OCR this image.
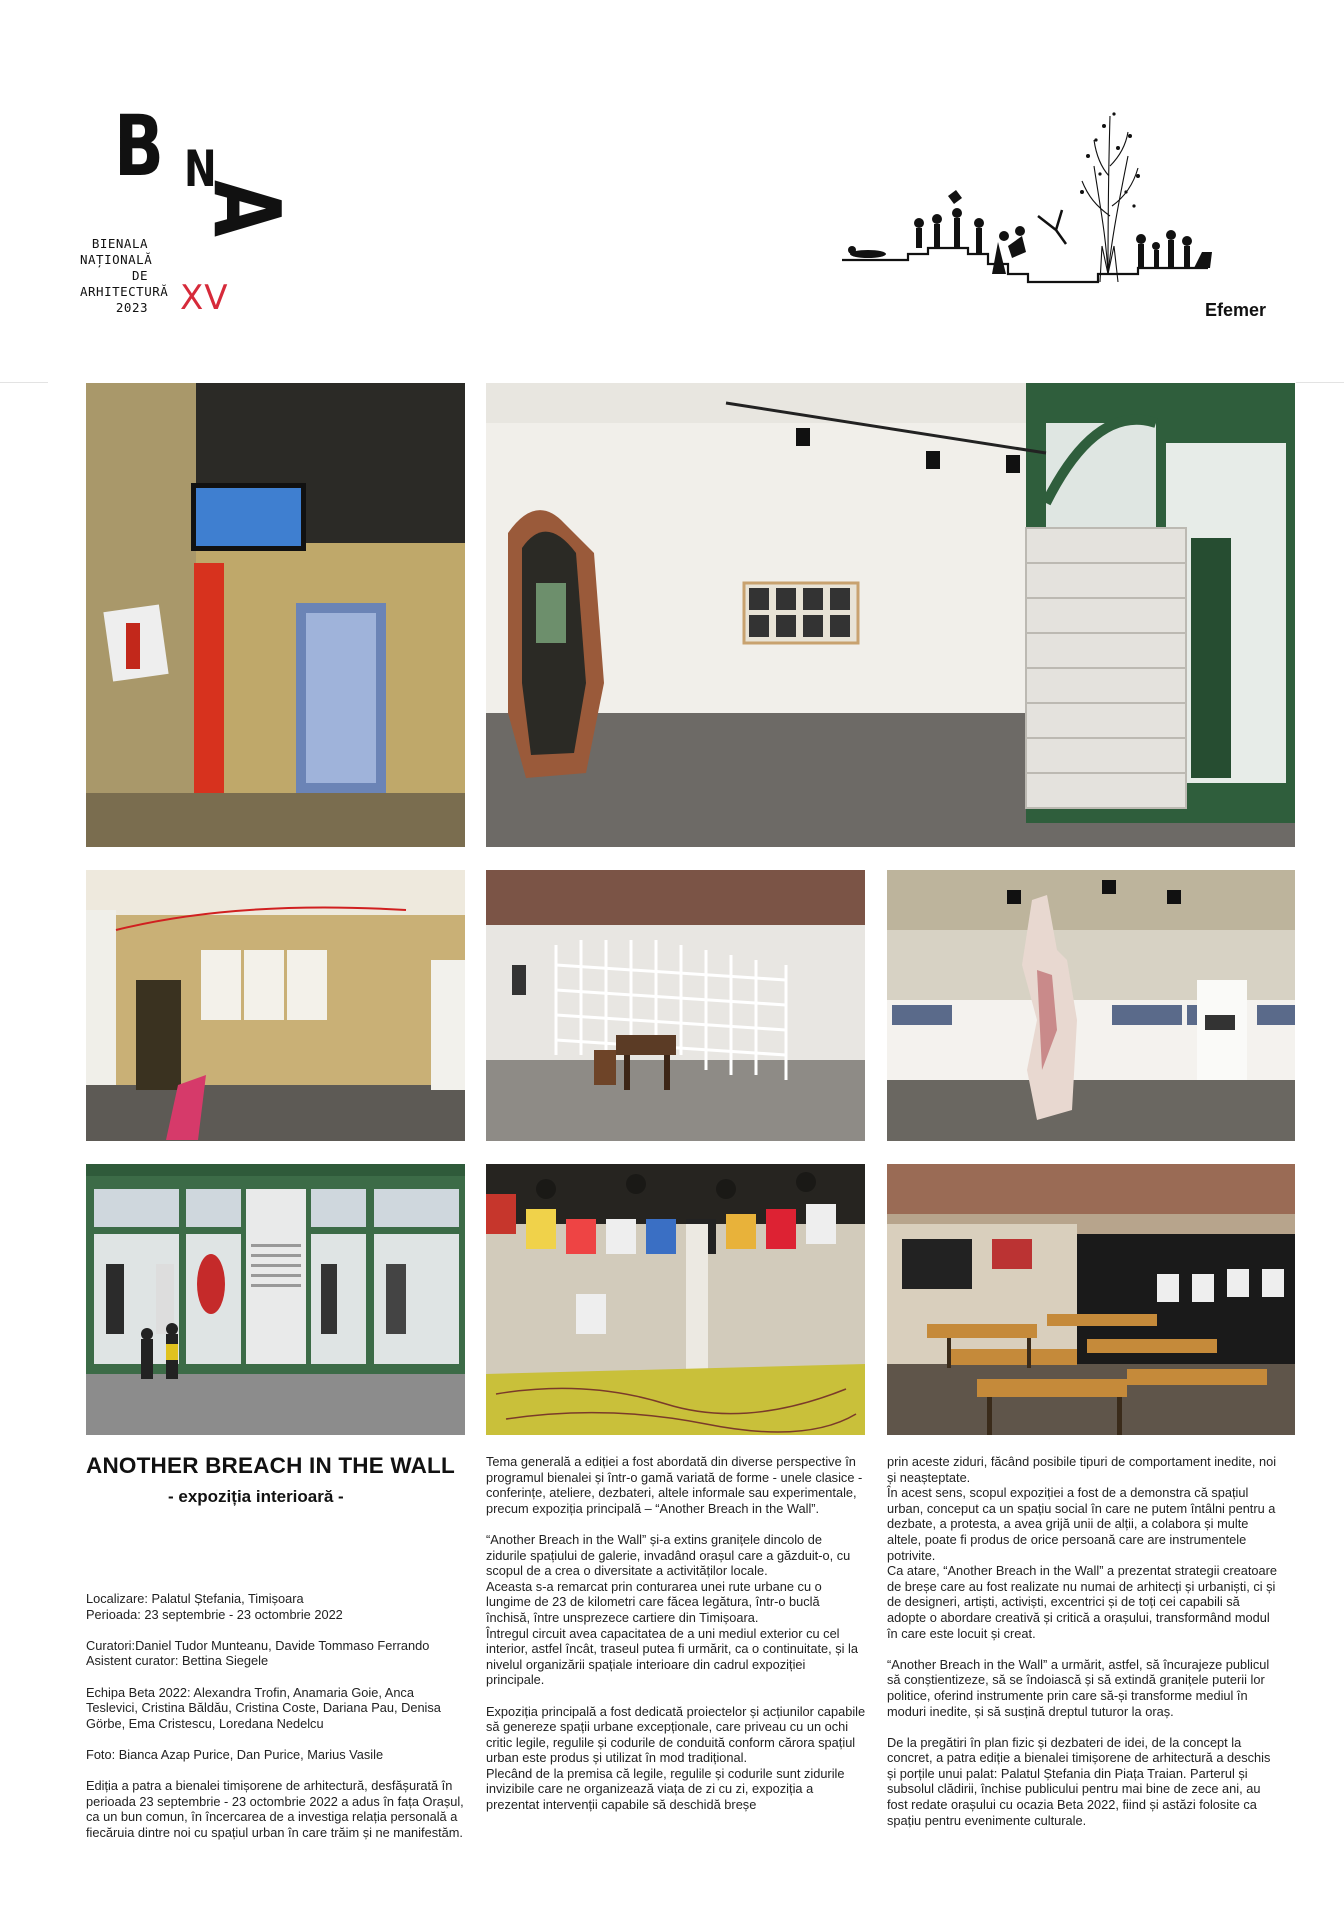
B N
A
BIENALA
NAȚIONALĂ
DE
ARHITECTURĂ
2023 XV	Efemer
ANOTHER BREACH IN THE WALL
- expoziția interioară -

Localizare: Palatul Ștefania, Timișoara

Perioada: 23 septembrie - 23 octombrie 2022

Curatori:Daniel Tudor Munteanu, Davide Tommaso Ferrando

Asistent curator: Bettina Siegele

Echipa Beta 2022: Alexandra Trofin, Anamaria Goie, Anca Teslevici, Cristina Băldău, Cristina Coste, Dariana Pau, Denisa Görbe, Ema Cristescu, Loredana Nedelcu

Foto: Bianca Azap Purice, Dan Purice, Marius Vasile

Ediția a patra a bienalei timișorene de arhitectură, desfășurată în perioada 23 septembrie - 23 octombrie 2022 a adus în fața Orașul, ca un bun comun, în încercarea de a investiga relația personală a fiecăruia dintre noi cu spațiul urban în care trăim și ne manifestăm.

Tema generală a ediției a fost abordată din diverse perspective în programul bienalei și într-o gamă variată de forme - unele clasice - conferințe, ateliere, dezbateri, altele informale sau experimentale, precum expoziția principală – “Another Breach in the Wall”.

“Another Breach in the Wall” și-a extins granițele dincolo de zidurile spațiului de galerie, invadând orașul care a găzduit-o, cu scopul de a crea o diversitate a activităților locale.

Aceasta s-a remarcat prin conturarea unei rute urbane cu o lungime de 23 de kilometri care făcea legătura, într-o buclă închisă, între unsprezece cartiere din Timișoara.

Întregul circuit avea capacitatea de a uni mediul exterior cu cel interior, astfel încât, traseul putea fi urmărit, ca o continuitate, și la nivelul organizării spațiale interioare din cadrul expoziției principale.

Expoziția principală a fost dedicată proiectelor și acțiunilor capabile să genereze spații urbane excepționale, care priveau cu un ochi critic legile, regulile și codurile de conduită conform cărora spațiul urban este produs și utilizat în mod tradițional.

Plecând de la premisa că legile, regulile și codurile sunt zidurile invizibile care ne organizează viața de zi cu zi, expoziția a prezentat intervenții capabile să deschidă breșe

prin aceste ziduri, făcând posibile tipuri de comportament inedite, noi și neașteptate.

În acest sens, scopul expoziției a fost de a demonstra că spațiul urban, conceput ca un spațiu social în care ne putem întâlni pentru a dezbate, a protesta, a avea grijă unii de alții, a colabora și multe altele, poate fi produs de orice persoană care are instrumentele potrivite.

Ca atare, “Another Breach in the Wall” a prezentat strategii creatoare de breșe care au fost realizate nu numai de arhitecți și urbaniști, ci și de designeri, artiști, activiști, excentrici și de toți cei capabili să adopte o abordare creativă și critică a orașului, transformând modul în care este locuit și creat.

“Another Breach in the Wall” a urmărit, astfel, să încurajeze publicul să conștientizeze, să se îndoiască și să extindă granițele puterii lor politice, oferind instrumente prin care să-și transforme mediul în moduri inedite, și să susțină dreptul tuturor la oraș.

De la pregătiri în plan fizic și dezbateri de idei, de la concept la concret, a patra ediție a bienalei timișorene de arhitectură a deschis și porțile unui palat: Palatul Ștefania din Piața Traian. Parterul și subsolul clădirii, închise publicului pentru mai bine de zece ani, au fost redate orașului cu ocazia Beta 2022, fiind și astăzi folosite ca spațiu pentru evenimente culturale.
